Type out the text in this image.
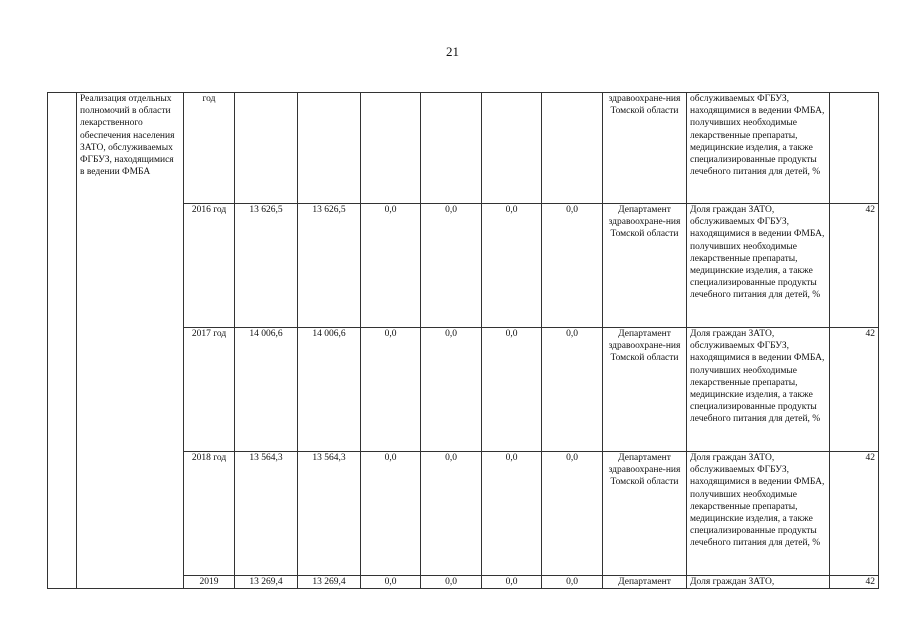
21
	Реализация отдельных полномочий в области лекарственного обеспечения населения ЗАТО, обслуживаемых ФГБУЗ, находящимися в ведении ФМБА	год							здравоохране-ния Томской области	обслуживаемых ФГБУЗ, находящимися в ведении ФМБА, получивших необходимые лекарственные препараты, медицинские изделия, а также специализированные продукты лечебного питания для детей, %	
		2016 год	13 626,5	13 626,5	0,0	0,0	0,0	0,0	Департамент здравоохране-ния Томской области	Доля граждан ЗАТО, обслуживаемых ФГБУЗ, находящимися в ведении ФМБА, получивших необходимые лекарственные препараты, медицинские изделия, а также специализированные продукты лечебного питания для детей, %	42
		2017 год	14 006,6	14 006,6	0,0	0,0	0,0	0,0	Департамент здравоохране-ния Томской области	Доля граждан ЗАТО, обслуживаемых ФГБУЗ, находящимися в ведении ФМБА, получивших необходимые лекарственные препараты, медицинские изделия, а также специализированные продукты лечебного питания для детей, %	42
		2018 год	13 564,3	13 564,3	0,0	0,0	0,0	0,0	Департамент здравоохране-ния Томской области	Доля граждан ЗАТО, обслуживаемых ФГБУЗ, находящимися в ведении ФМБА, получивших необходимые лекарственные препараты, медицинские изделия, а также специализированные продукты лечебного питания для детей, %	42
		2019	13 269,4	13 269,4	0,0	0,0	0,0	0,0	Департамент	Доля граждан ЗАТО,	42
